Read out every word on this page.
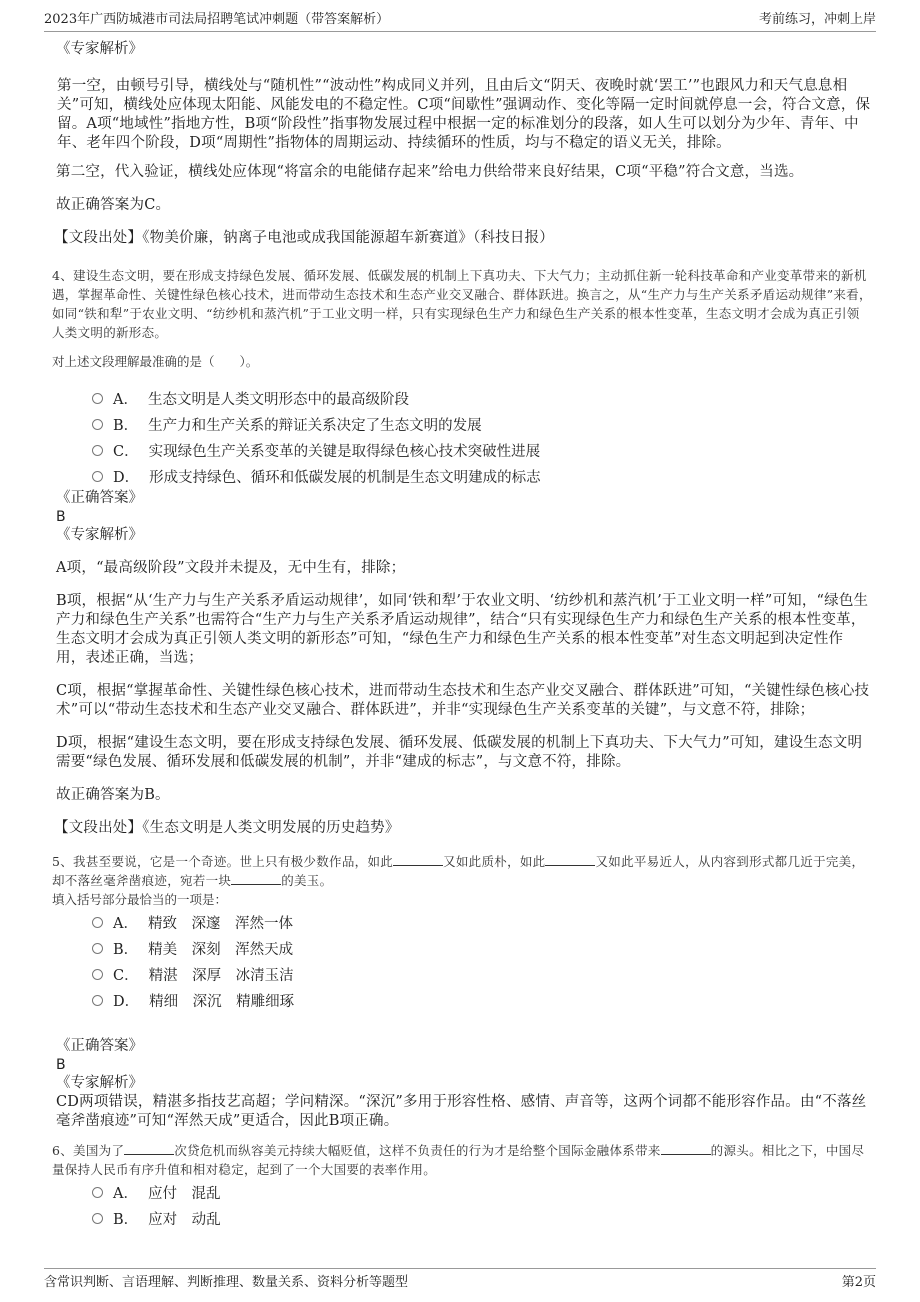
2023年广西防城港市司法局招聘笔试冲刺题（带答案解析）	考前练习，冲刺上岸

《专家解析》

第一空，由顿号引导，横线处与“随机性”“波动性”构成同义并列，且由后文“阴天、夜晚时就‘罢工’”也跟风力和天气息息相关”可知，横线处应体现太阳能、风能发电的不稳定性。C项“间歇性”强调动作、变化等隔一定时间就停息一会，符合文意，保留。A项“地域性”指地方性，B项“阶段性”指事物发展过程中根据一定的标准划分的段落，如人生可以划分为少年、青年、中年、老年四个阶段，D项“周期性”指物体的周期运动、持续循环的性质，均与不稳定的语义无关，排除。

第二空，代入验证，横线处应体现“将富余的电能储存起来”给电力供给带来良好结果，C项“平稳”符合文意，当选。

故正确答案为C。

【文段出处】《物美价廉，钠离子电池或成我国能源超车新赛道》（科技日报）

4、建设生态文明，要在形成支持绿色发展、循环发展、低碳发展的机制上下真功夫、下大气力；主动抓住新一轮科技革命和产业变革带来的新机遇，掌握革命性、关键性绿色核心技术，进而带动生态技术和生态产业交叉融合、群体跃进。换言之，从“生产力与生产关系矛盾运动规律”来看，如同“铁和犁”于农业文明、“纺纱机和蒸汽机”于工业文明一样，只有实现绿色生产力和绿色生产关系的根本性变革，生态文明才会成为真正引领人类文明的新形态。

对上述文段理解最准确的是（　　）。

A． 生态文明是人类文明形态中的最高级阶段
B． 生产力和生产关系的辩证关系决定了生态文明的发展
C． 实现绿色生产关系变革的关键是取得绿色核心技术突破性进展
D． 形成支持绿色、循环和低碳发展的机制是生态文明建成的标志

《正确答案》

B

《专家解析》

A项，“最高级阶段”文段并未提及，无中生有，排除；

B项，根据“从‘生产力与生产关系矛盾运动规律’，如同‘铁和犁’于农业文明、‘纺纱机和蒸汽机’于工业文明一样”可知，“绿色生产力和绿色生产关系”也需符合“生产力与生产关系矛盾运动规律”，结合“只有实现绿色生产力和绿色生产关系的根本性变革，生态文明才会成为真正引领人类文明的新形态”可知，“绿色生产力和绿色生产关系的根本性变革”对生态文明起到决定性作用，表述正确，当选；

C项，根据“掌握革命性、关键性绿色核心技术，进而带动生态技术和生态产业交叉融合、群体跃进”可知，“关键性绿色核心技术”可以“带动生态技术和生态产业交叉融合、群体跃进”，并非“实现绿色生产关系变革的关键”，与文意不符，排除；

D项，根据“建设生态文明，要在形成支持绿色发展、循环发展、低碳发展的机制上下真功夫、下大气力”可知，建设生态文明需要“绿色发展、循环发展和低碳发展的机制”，并非“建成的标志”，与文意不符，排除。

故正确答案为B。

【文段出处】《生态文明是人类文明发展的历史趋势》

5、我甚至要说，它是一个奇迹。世上只有极少数作品，如此	又如此质朴，如此	又如此平易近人，从内容到形式都几近于完美，却不落丝毫斧凿痕迹，宛若一块	的美玉。

填入括号部分最恰当的一项是：

A． 精致　深邃　浑然一体
B． 精美　深刻　浑然天成
C． 精湛　深厚　冰清玉洁
D． 精细　深沉　精雕细琢

《正确答案》

B

《专家解析》

CD两项错误，精湛多指技艺高超；学问精深。“深沉”多用于形容性格、感情、声音等，这两个词都不能形容作品。由“不落丝毫斧凿痕迹”可知“浑然天成”更适合，因此B项正确。

6、美国为了	次贷危机而纵容美元持续大幅贬值，这样不负责任的行为才是给整个国际金融体系带来	的源头。相比之下，中国尽量保持人民币有序升值和相对稳定，起到了一个大国要的表率作用。

A． 应付　混乱
B． 应对　动乱
含常识判断、言语理解、判断推理、数量关系、资料分析等题型	第2页
